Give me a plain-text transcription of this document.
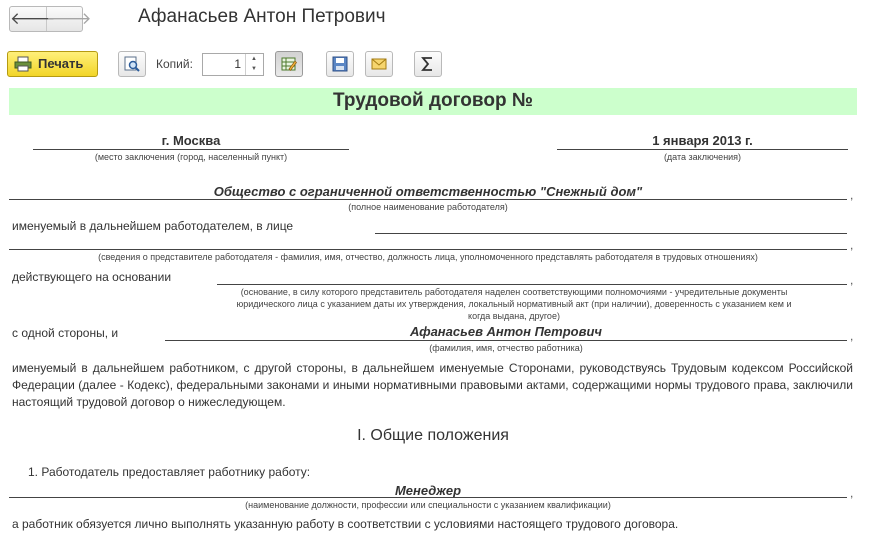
🡐
🡒 Афанасьев Антон Петрович
Печать	Копий:	1 ▲
▼
Трудовой договор №
г. Москва
(место заключения (город, населенный пункт)
1 января 2013 г.
(дата заключения)
Общество с ограниченной ответственностью "Снежный дом"	,
(полное наименование работодателя)
именуемый в дальнейшем работодателем, в лице
,
(сведения о представителе работодателя - фамилия, имя, отчество, должность лица, уполномоченного представлять работодателя в трудовых отношениях)
действующего на основании	,
(основание, в силу которого представитель работодателя наделен соответствующими полномочиями - учредительные документы
юридического лица с указанием даты их утверждения, локальный нормативный акт (при наличии), доверенность с указанием кем и
когда выдана, другое)
с одной стороны, и	Афанасьев Антон Петрович	,
(фамилия, имя, отчество работника)
именуемый в дальнейшем работником, с другой стороны, в дальнейшем именуемые Сторонами, руководствуясь Трудовым кодексом Российской Федерации (далее - Кодекс), федеральными законами и иными нормативными правовыми актами, содержащими нормы трудового права, заключили настоящий трудовой договор о нижеследующем.
I. Общие положения
1. Работодатель предоставляет работнику работу:
Менеджер	,
(наименование должности, профессии или специальности с указанием квалификации)
а работник обязуется лично выполнять указанную работу в соответствии с условиями настоящего трудового договора.
